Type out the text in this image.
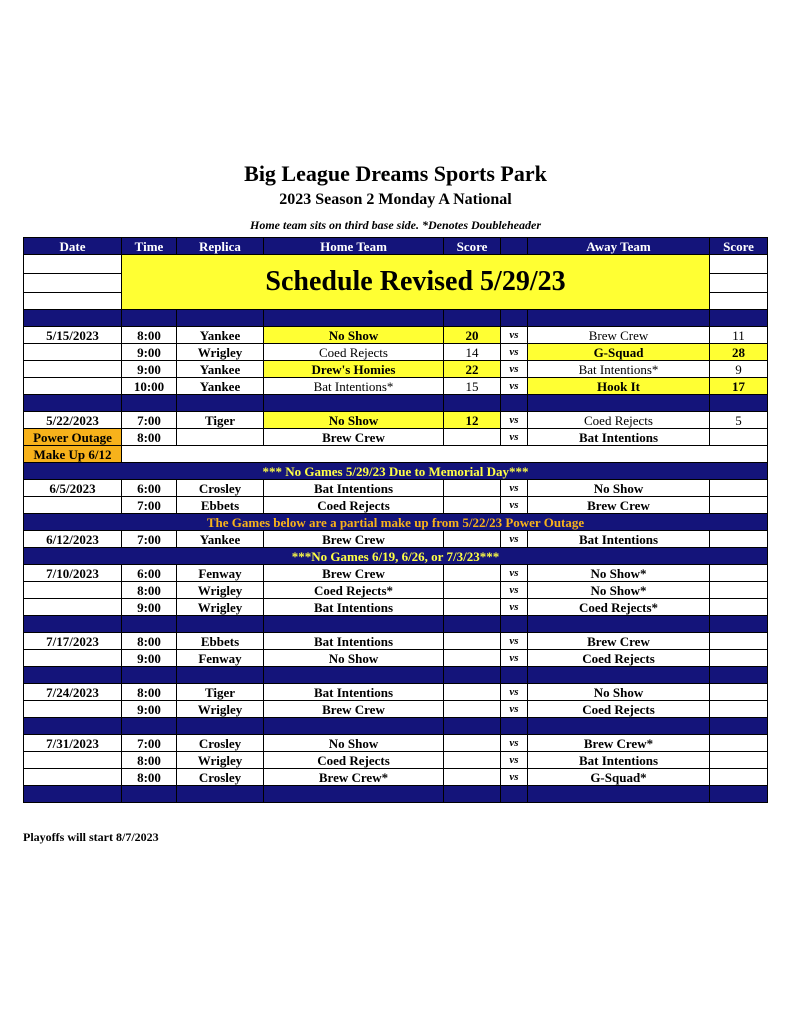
Big League Dreams Sports Park
2023 Season 2 Monday A National
Home team sits on third base side. *Denotes Doubleheader
Date	Time	Replica	Home Team	Score		Away Team	Score

	Schedule Revised 5/29/23						

5/15/2023	8:00	Yankee	No Show	20	vs	Brew Crew	11
	9:00	Wrigley	Coed Rejects	14	vs	G-Squad	28
	9:00	Yankee	Drew's Homies	22	vs	Bat Intentions*	9
	10:00	Yankee	Bat Intentions*	15	vs	Hook It	17

5/22/2023	7:00	Tiger	No Show	12	vs	Coed Rejects	5
Power Outage	8:00		Brew Crew		vs	Bat Intentions	
Make Up 6/12							
*** No Games 5/29/23 Due to Memorial Day***							
6/5/2023	6:00	Crosley	Bat Intentions		vs	No Show	
	7:00	Ebbets	Coed Rejects		vs	Brew Crew	
The Games below are a partial make up from 5/22/23 Power Outage							
6/12/2023	7:00	Yankee	Brew Crew		vs	Bat Intentions	
***No Games 6/19, 6/26, or 7/3/23***							
7/10/2023	6:00	Fenway	Brew Crew		vs	No Show*	
	8:00	Wrigley	Coed Rejects*		vs	No Show*	
	9:00	Wrigley	Bat Intentions		vs	Coed Rejects*	

7/17/2023	8:00	Ebbets	Bat Intentions		vs	Brew Crew	
	9:00	Fenway	No Show		vs	Coed Rejects	

7/24/2023	8:00	Tiger	Bat Intentions		vs	No Show	
	9:00	Wrigley	Brew Crew		vs	Coed Rejects	

7/31/2023	7:00	Crosley	No Show		vs	Brew Crew*	
	8:00	Wrigley	Coed Rejects		vs	Bat Intentions	
	8:00	Crosley	Brew Crew*		vs	G-Squad*	

Playoffs will start 8/7/2023
